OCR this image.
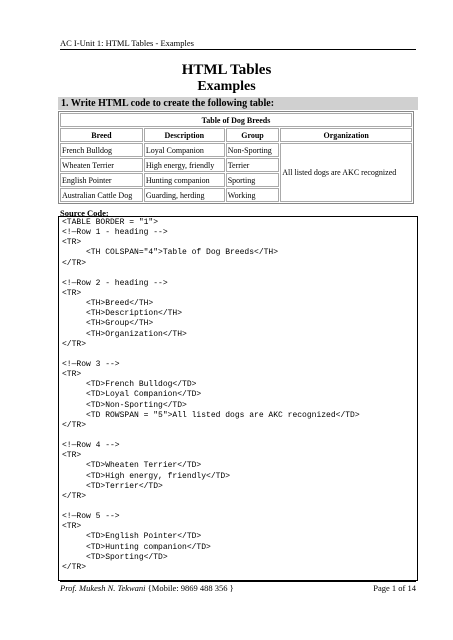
AC I-Unit 1: HTML Tables - Examples
HTML Tables
Examples
1. Write HTML code to create the following table:
Table of Dog Breeds			
Breed	Description	Group	Organization
French Bulldog	Loyal Companion	Non-Sporting	All listed dogs are AKC recognized
Wheaten Terrier	High energy, friendly	Terrier	
English Pointer	Hunting companion	Sporting	
Australian Cattle Dog	Guarding, herding	Working	
Source Code:
<TABLE BORDER = "1">
<!—Row 1 - heading -->
<TR>
<TH COLSPAN="4">Table of Dog Breeds</TH>
</TR>
<!—Row 2 - heading -->
<TR>
<TH>Breed</TH>
<TH>Description</TH>
<TH>Group</TH>
<TH>Organization</TH>
</TR>
<!—Row 3 -->
<TR>
<TD>French Bulldog</TD>
<TD>Loyal Companion</TD>
<TD>Non-Sporting</TD>
<TD ROWSPAN = "5">All listed dogs are AKC recognized</TD>
</TR>
<!—Row 4 -->
<TR>
<TD>Wheaten Terrier</TD>
<TD>High energy, friendly</TD>
<TD>Terrier</TD>
</TR>
<!—Row 5 -->
<TR>
<TD>English Pointer</TD>
<TD>Hunting companion</TD>
<TD>Sporting</TD>
</TR>
Prof. Mukesh N. Tekwani {Mobile: 9869 488 356 }	Page 1 of 14
